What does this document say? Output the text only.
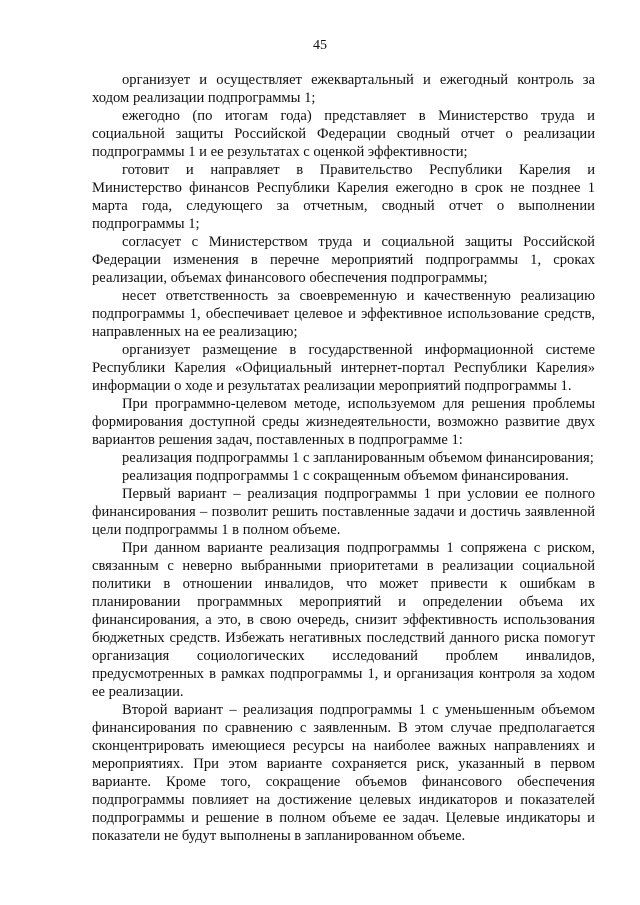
45

организует и осуществляет ежеквартальный и ежегодный контроль за ходом реализации подпрограммы 1;

ежегодно (по итогам года) представляет в Министерство труда и социальной защиты Российской Федерации сводный отчет о реализации подпрограммы 1 и ее результатах с оценкой эффективности;

готовит и направляет в Правительство Республики Карелия и Министерство финансов Республики Карелия ежегодно в срок не позднее 1 марта года, следующего за отчетным, сводный отчет о выполнении подпрограммы 1;

согласует с Министерством труда и социальной защиты Российской Федерации изменения в перечне мероприятий подпрограммы 1, сроках реализации, объемах финансового обеспечения подпрограммы;

несет ответственность за своевременную и качественную реализацию подпрограммы 1, обеспечивает целевое и эффективное использование средств, направленных на ее реализацию;

организует размещение в государственной информационной системе Республики Карелия «Официальный интернет-портал Республики Карелия» информации о ходе и результатах реализации мероприятий подпрограммы 1.

При программно-целевом методе, используемом для решения проблемы формирования доступной среды жизнедеятельности, возможно развитие двух вариантов решения задач, поставленных в подпрограмме 1:

реализация подпрограммы 1 с запланированным объемом финансирования;

реализация подпрограммы 1 с сокращенным объемом финансирования.

Первый вариант – реализация подпрограммы 1 при условии ее полного финансирования – позволит решить поставленные задачи и достичь заявленной цели подпрограммы 1 в полном объеме.

При данном варианте реализация подпрограммы 1 сопряжена с риском, связанным с неверно выбранными приоритетами в реализации социальной политики в отношении инвалидов, что может привести к ошибкам в планировании программных мероприятий и определении объема их финансирования, а это, в свою очередь, снизит эффективность использования бюджетных средств. Избежать негативных последствий данного риска помогут организация социологических исследований проблем инвалидов, предусмотренных в рамках подпрограммы 1, и организация контроля за ходом ее реализации.

Второй вариант – реализация подпрограммы 1 с уменьшенным объемом финансирования по сравнению с заявленным. В этом случае предполагается сконцентрировать имеющиеся ресурсы на наиболее важных направлениях и мероприятиях. При этом варианте сохраняется риск, указанный в первом варианте. Кроме того, сокращение объемов финансового обеспечения подпрограммы повлияет на достижение целевых индикаторов и показателей подпрограммы и решение в полном объеме ее задач. Целевые индикаторы и показатели не будут выполнены в запланированном объеме.
